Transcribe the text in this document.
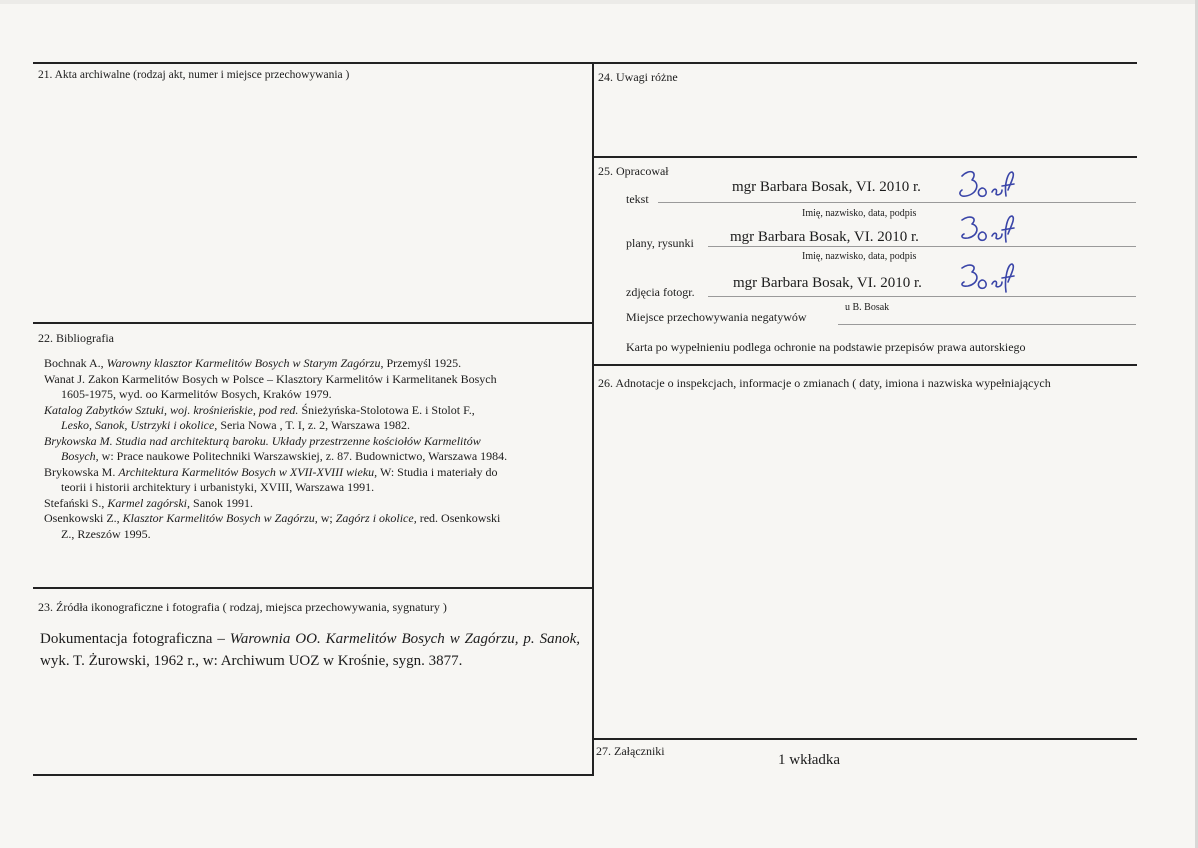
21. Akta archiwalne (rodzaj akt, numer i miejsce przechowywania )
22. Bibliografia
Bochnak A., Warowny klasztor Karmelitów Bosych w Starym Zagórzu, Przemyśl 1925.
Wanat J. Zakon Karmelitów Bosych w Polsce – Klasztory Karmelitów i Karmelitanek Bosych
1605-1975, wyd. oo Karmelitów Bosych, Kraków 1979.
Katalog Zabytków Sztuki, woj. krośnieńskie, pod red. Śnieżyńska-Stolotowa E. i Stolot F.,
Lesko, Sanok, Ustrzyki i okolice, Seria Nowa , T. I, z. 2, Warszawa 1982.
Brykowska M. Studia nad architekturą baroku. Układy przestrzenne kościołów Karmelitów
Bosych, w: Prace naukowe Politechniki Warszawskiej, z. 87. Budownictwo, Warszawa 1984.
Brykowska M. Architektura Karmelitów Bosych w XVII-XVIII wieku, W: Studia i materiały do
teorii i historii architektury i urbanistyki, XVIII, Warszawa 1991.
Stefański S., Karmel zagórski, Sanok 1991.
Osenkowski Z., Klasztor Karmelitów Bosych w Zagórzu, w; Zagórz i okolice, red. Osenkowski
Z., Rzeszów 1995.
23. Źródła ikonograficzne i fotografia ( rodzaj, miejsca przechowywania, sygnatury )
Dokumentacja fotograficzna – Warownia OO. Karmelitów Bosych w Zagórzu, p. Sanok, wyk. T. Żurowski, 1962 r., w: Archiwum UOZ w Krośnie, sygn. 3877.
24. Uwagi różne
25. Opracował
tekst
mgr Barbara Bosak, VI. 2010 r.
Imię, nazwisko, data, podpis
plany, rysunki mgr Barbara Bosak, VI. 2010 r.
Imię, nazwisko, data, podpis
zdjęcia fotogr.
mgr Barbara Bosak, VI. 2010 r.
Miejsce przechowywania negatywów
u B. Bosak
Karta po wypełnieniu podlega ochronie na podstawie przepisów prawa autorskiego
26. Adnotacje o inspekcjach, informacje o zmianach ( daty, imiona i nazwiska wypełniających
27. Załączniki
1 wkładka
